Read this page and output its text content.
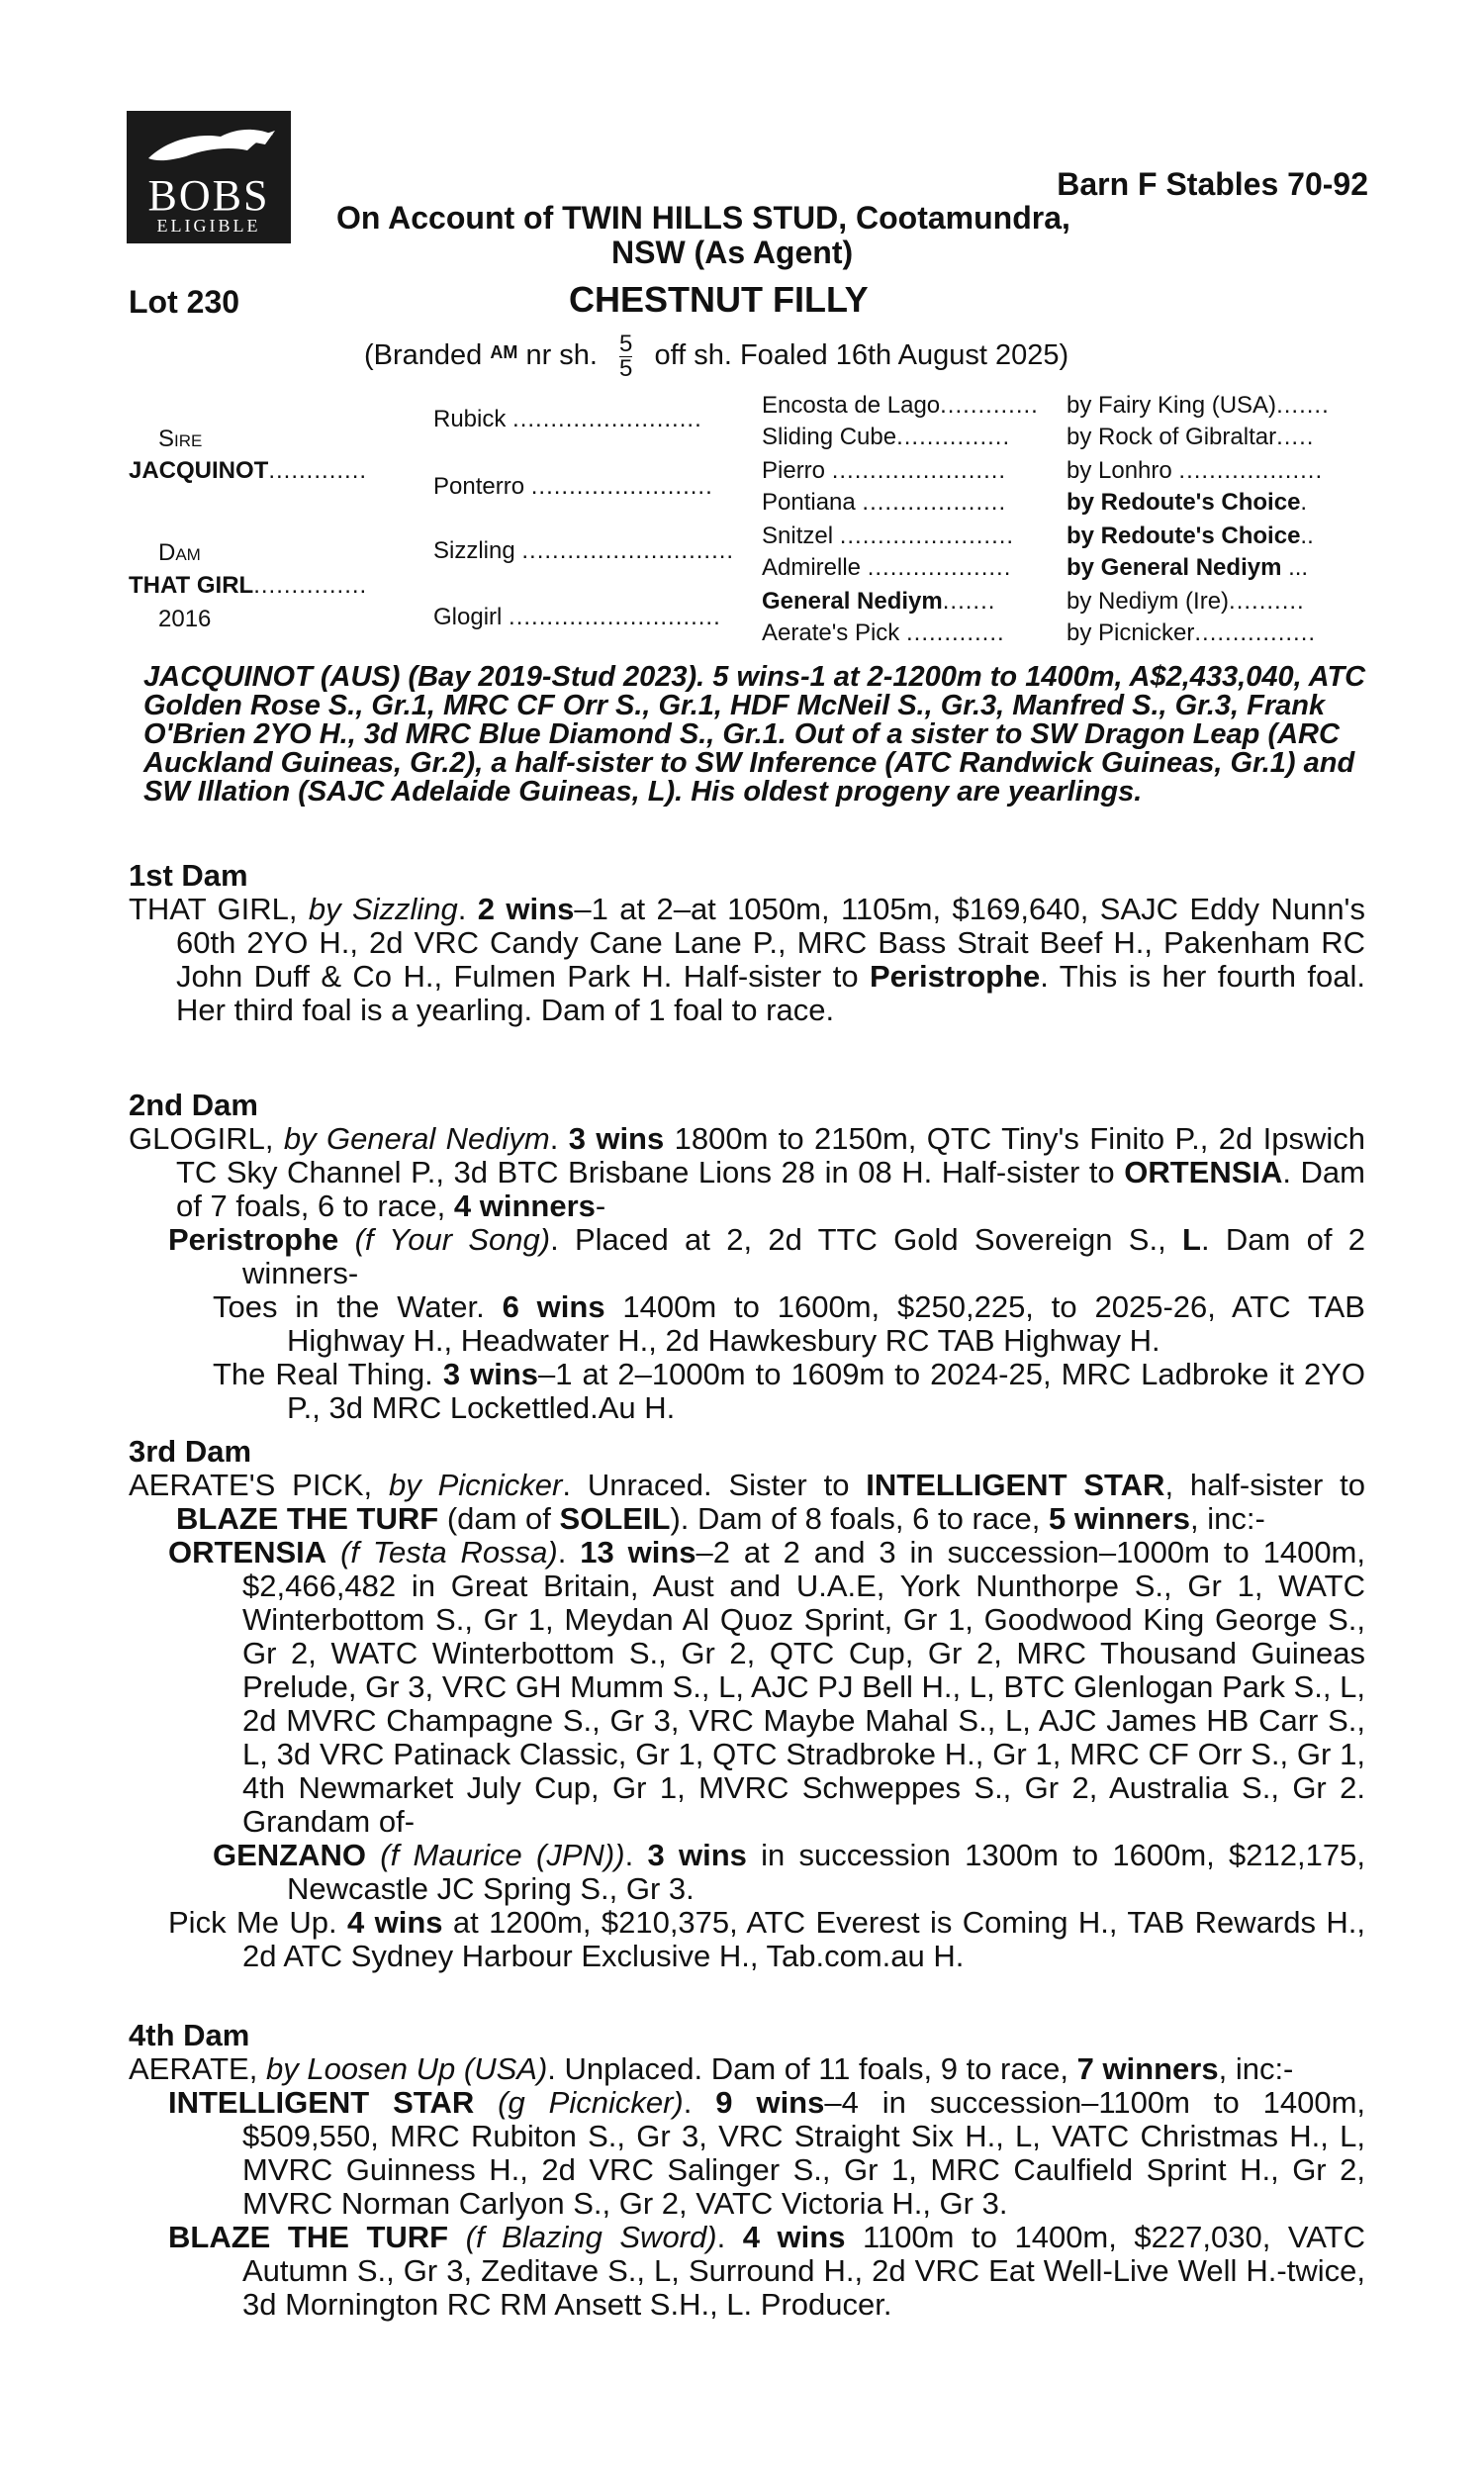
BOBS
ELIGIBLE
Barn F Stables 70-92
On Account of TWIN HILLS STUD, Cootamundra,
NSW (As Agent)
Lot 230	CHESTNUT FILLY
(Branded $^{AM}$ nr sh. $\frac{5}{5}$ off sh. Foaled 16th August 2025)
Sire
JACQUINOT.............
Dam
THAT GIRL...............
2016
Rubick .........................
Ponterro ........................
Sizzling ............................
Glogirl ............................
Encosta de Lago............. by Fairy King (USA).......
Sliding Cube............... by Rock of Gibraltar.....
Pierro .......................	by Lonhro ...................
Pontiana ...................	by Redoute's Choice.
Snitzel ....................... by Redoute's Choice..
Admirelle ................... by General Nediym ...
General Nediym.......	by Nediym (Ire)..........
Aerate's Pick .............	by Picnicker................
JACQUINOT (AUS) (Bay 2019-Stud 2023). 5 wins-1 at 2-1200m to 1400m, A$2,433,040, ATC Golden Rose S., Gr.1, MRC CF Orr S., Gr.1, HDF McNeil S., Gr.3, Manfred S., Gr.3, Frank O'Brien 2YO H., 3d MRC Blue Diamond S., Gr.1. Out of a sister to SW Dragon Leap (ARC Auckland Guineas, Gr.2), a half-sister to SW Inference (ATC Randwick Guineas, Gr.1) and SW Illation (SAJC Adelaide Guineas, L). His oldest progeny are yearlings.
1st Dam

THAT GIRL, by Sizzling. 2 wins–1 at 2–at 1050m, 1105m, $169,640, SAJC Eddy Nunn's 60th 2YO H., 2d VRC Candy Cane Lane P., MRC Bass Strait Beef H., Pakenham RC John Duff & Co H., Fulmen Park H. Half-sister to Peristrophe. This is her fourth foal. Her third foal is a yearling. Dam of 1 foal to race.

2nd Dam

GLOGIRL, by General Nediym. 3 wins 1800m to 2150m, QTC Tiny's Finito P., 2d Ipswich TC Sky Channel P., 3d BTC Brisbane Lions 28 in 08 H. Half-sister to ORTENSIA. Dam of 7 foals, 6 to race, 4 winners-

Peristrophe (f Your Song). Placed at 2, 2d TTC Gold Sovereign S., L. Dam of 2 winners-

Toes in the Water. 6 wins 1400m to 1600m, $250,225, to 2025-26, ATC TAB Highway H., Headwater H., 2d Hawkesbury RC TAB Highway H.

The Real Thing. 3 wins–1 at 2–1000m to 1609m to 2024-25, MRC Ladbroke it 2YO P., 3d MRC Lockettled.Au H.

3rd Dam

AERATE'S PICK, by Picnicker. Unraced. Sister to INTELLIGENT STAR, half-sister to BLAZE THE TURF (dam of SOLEIL). Dam of 8 foals, 6 to race, 5 winners, inc:-

ORTENSIA (f Testa Rossa). 13 wins–2 at 2 and 3 in succession–1000m to 1400m, $2,466,482 in Great Britain, Aust and U.A.E, York Nunthorpe S., Gr 1, WATC Winterbottom S., Gr 1, Meydan Al Quoz Sprint, Gr 1, Goodwood King George S., Gr 2, WATC Winterbottom S., Gr 2, QTC Cup, Gr 2, MRC Thousand Guineas Prelude, Gr 3, VRC GH Mumm S., L, AJC PJ Bell H., L, BTC Glenlogan Park S., L, 2d MVRC Champagne S., Gr 3, VRC Maybe Mahal S., L, AJC James HB Carr S., L, 3d VRC Patinack Classic, Gr 1, QTC Stradbroke H., Gr 1, MRC CF Orr S., Gr 1, 4th Newmarket July Cup, Gr 1, MVRC Schweppes S., Gr 2, Australia S., Gr 2. Grandam of-

GENZANO (f Maurice (JPN)). 3 wins in succession 1300m to 1600m, $212,175, Newcastle JC Spring S., Gr 3.

Pick Me Up. 4 wins at 1200m, $210,375, ATC Everest is Coming H., TAB Rewards H., 2d ATC Sydney Harbour Exclusive H., Tab.com.au H.

4th Dam

AERATE, by Loosen Up (USA). Unplaced. Dam of 11 foals, 9 to race, 7 winners, inc:-

INTELLIGENT STAR (g Picnicker). 9 wins–4 in succession–1100m to 1400m, $509,550, MRC Rubiton S., Gr 3, VRC Straight Six H., L, VATC Christmas H., L, MVRC Guinness H., 2d VRC Salinger S., Gr 1, MRC Caulfield Sprint H., Gr 2, MVRC Norman Carlyon S., Gr 2, VATC Victoria H., Gr 3.

BLAZE THE TURF (f Blazing Sword). 4 wins 1100m to 1400m, $227,030, VATC Autumn S., Gr 3, Zeditave S., L, Surround H., 2d VRC Eat Well-Live Well H.-twice, 3d Mornington RC RM Ansett S.H., L. Producer.
